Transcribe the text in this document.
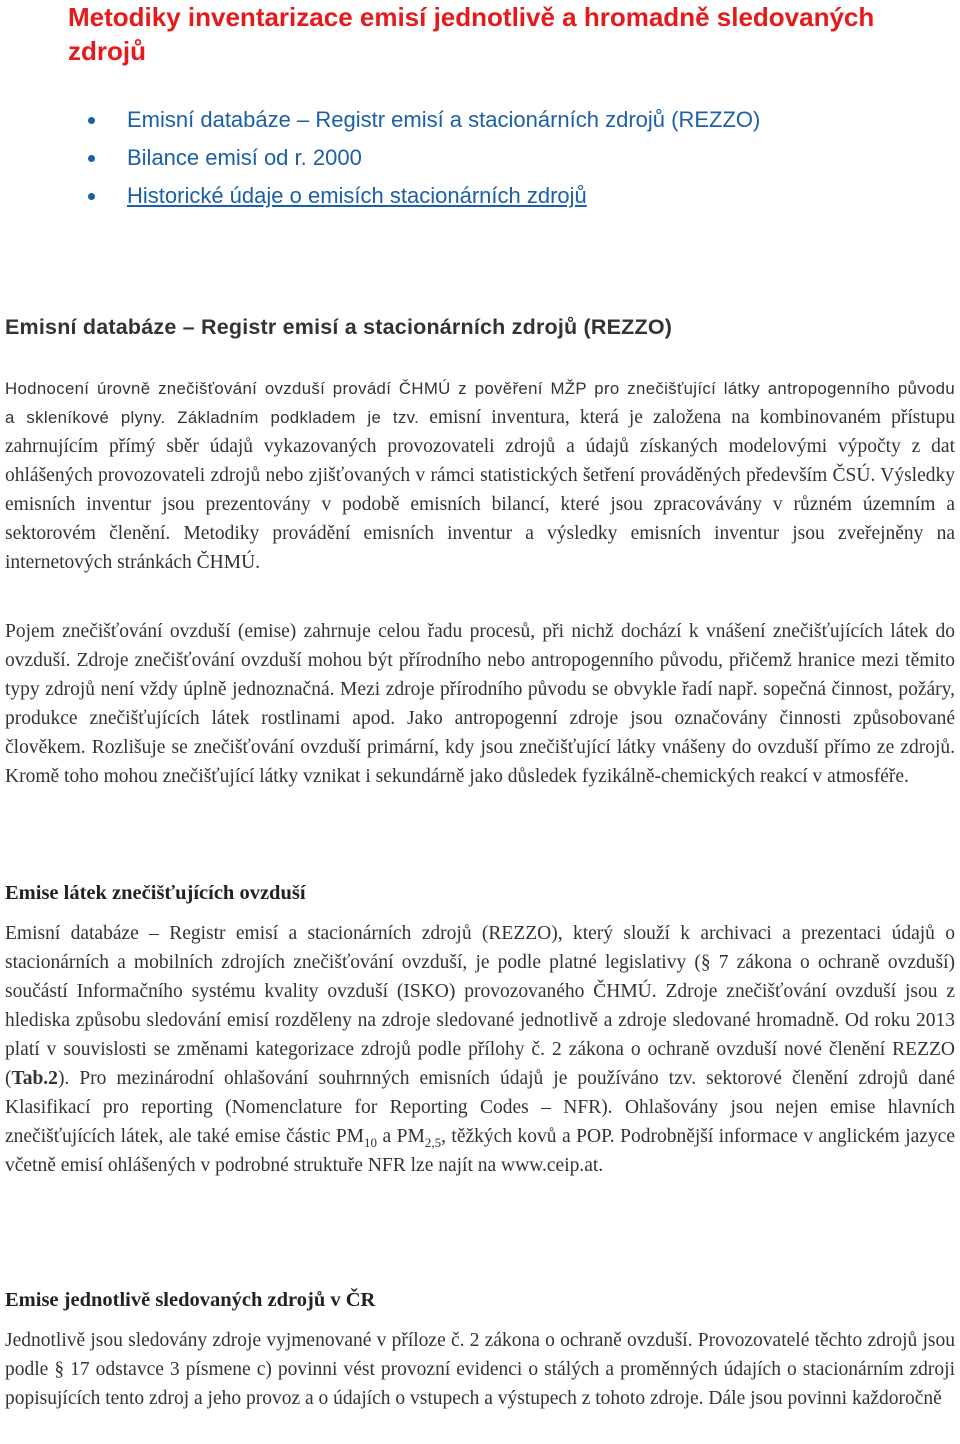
Metodiky inventarizace emisí jednotlivě a hromadně sledovaných zdrojů
Emisní databáze – Registr emisí a stacionárních zdrojů (REZZO)
Bilance emisí od r. 2000
Historické údaje o emisích stacionárních zdrojů
Emisní databáze – Registr emisí a stacionárních zdrojů (REZZO)

Hodnocení úrovně znečišťování ovzduší provádí ČHMÚ z pověření MŽP pro znečišťující látky antropogenního původu a skleníkové plyny. Základním podkladem je tzv. emisní inventura, která je založena na kombinovaném přístupu zahrnujícím přímý sběr údajů vykazovaných provozovateli zdrojů a údajů získaných modelovými výpočty z dat ohlášených provozovateli zdrojů nebo zjišťovaných v rámci statistických šetření prováděných především ČSÚ. Výsledky emisních inventur jsou prezentovány v podobě emisních bilancí, které jsou zpracovávány v různém územním a sektorovém členění. Metodiky provádění emisních inventur a výsledky emisních inventur jsou zveřejněny na internetových stránkách ČHMÚ.

Pojem znečišťování ovzduší (emise) zahrnuje celou řadu procesů, při nichž dochází k vnášení znečišťujících látek do ovzduší. Zdroje znečišťování ovzduší mohou být přírodního nebo antropogenního původu, přičemž hranice mezi těmito typy zdrojů není vždy úplně jednoznačná. Mezi zdroje přírodního původu se obvykle řadí např. sopečná činnost, požáry, produkce znečišťujících látek rostlinami apod. Jako antropogenní zdroje jsou označovány činnosti způsobované člověkem. Rozlišuje se znečišťování ovzduší primární, kdy jsou znečišťující látky vnášeny do ovzduší přímo ze zdrojů. Kromě toho mohou znečišťující látky vznikat i sekundárně jako důsledek fyzikálně-chemických reakcí v atmosféře.

Emise látek znečišťujících ovzduší

Emisní databáze – Registr emisí a stacionárních zdrojů (REZZO), který slouží k archivaci a prezentaci údajů o stacionárních a mobilních zdrojích znečišťování ovzduší, je podle platné legislativy (§ 7 zákona o ochraně ovzduší) součástí Informačního systému kvality ovzduší (ISKO) provozovaného ČHMÚ. Zdroje znečišťování ovzduší jsou z hlediska způsobu sledování emisí rozděleny na zdroje sledované jednotlivě a zdroje sledované hromadně. Od roku 2013 platí v souvislosti se změnami kategorizace zdrojů podle přílohy č. 2 zákona o ochraně ovzduší nové členění REZZO (Tab.2). Pro mezinárodní ohlašování souhrnných emisních údajů je používáno tzv. sektorové členění zdrojů dané Klasifikací pro reporting (Nomenclature for Reporting Codes – NFR). Ohlašovány jsou nejen emise hlavních znečišťujících látek, ale také emise částic $PM_{10}$ a $PM_{2,5}$, těžkých kovů a POP. Podrobnější informace v anglickém jazyce včetně emisí ohlášených v podrobné struktuře NFR lze najít na www.ceip.at.

Emise jednotlivě sledovaných zdrojů v ČR

Jednotlivě jsou sledovány zdroje vyjmenované v příloze č. 2 zákona o ochraně ovzduší. Provozovatelé těchto zdrojů jsou podle § 17 odstavce 3 písmene c) povinni vést provozní evidenci o stálých a proměnných údajích o stacionárním zdroji popisujících tento zdroj a jeho provoz a o údajích o vstupech a výstupech z tohoto zdroje. Dále jsou povinni každoročně
